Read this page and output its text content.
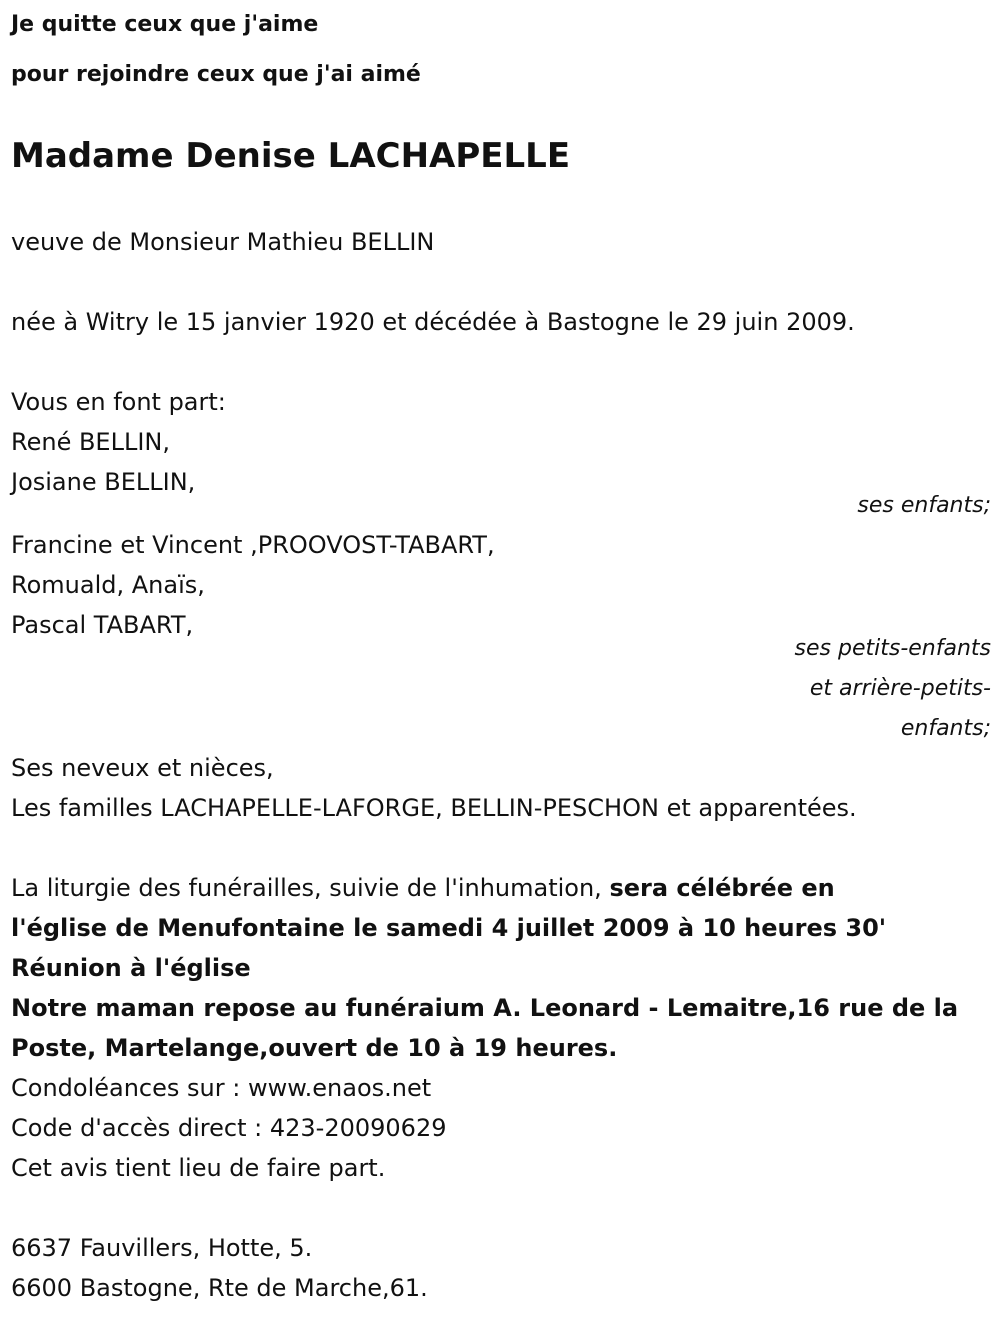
Je quitte ceux que j'aime
pour rejoindre ceux que j'ai aimé
Madame Denise LACHAPELLE
veuve de Monsieur Mathieu BELLIN
née à Witry le 15 janvier 1920 et décédée à Bastogne le 29 juin 2009.
Vous en font part:
René BELLIN,
Josiane BELLIN,
ses enfants;
Francine et Vincent ,PROOVOST-TABART,
Romuald, Anaïs,
Pascal TABART,
ses petits-enfants
et arrière-petits-
enfants;
Ses neveux et nièces,
Les familles LACHAPELLE-LAFORGE, BELLIN-PESCHON et apparentées.
La liturgie des funérailles, suivie de l'inhumation, sera célébrée en
l'église de Menufontaine le samedi 4 juillet 2009 à 10 heures 30'
Réunion à l'église
Notre maman repose au funéraium A. Leonard - Lemaitre,16 rue de la
Poste, Martelange,ouvert de 10 à 19 heures.
Condoléances sur : www.enaos.net
Code d'accès direct : 423-20090629
Cet avis tient lieu de faire part.
6637 Fauvillers, Hotte, 5.
6600 Bastogne, Rte de Marche,61.
